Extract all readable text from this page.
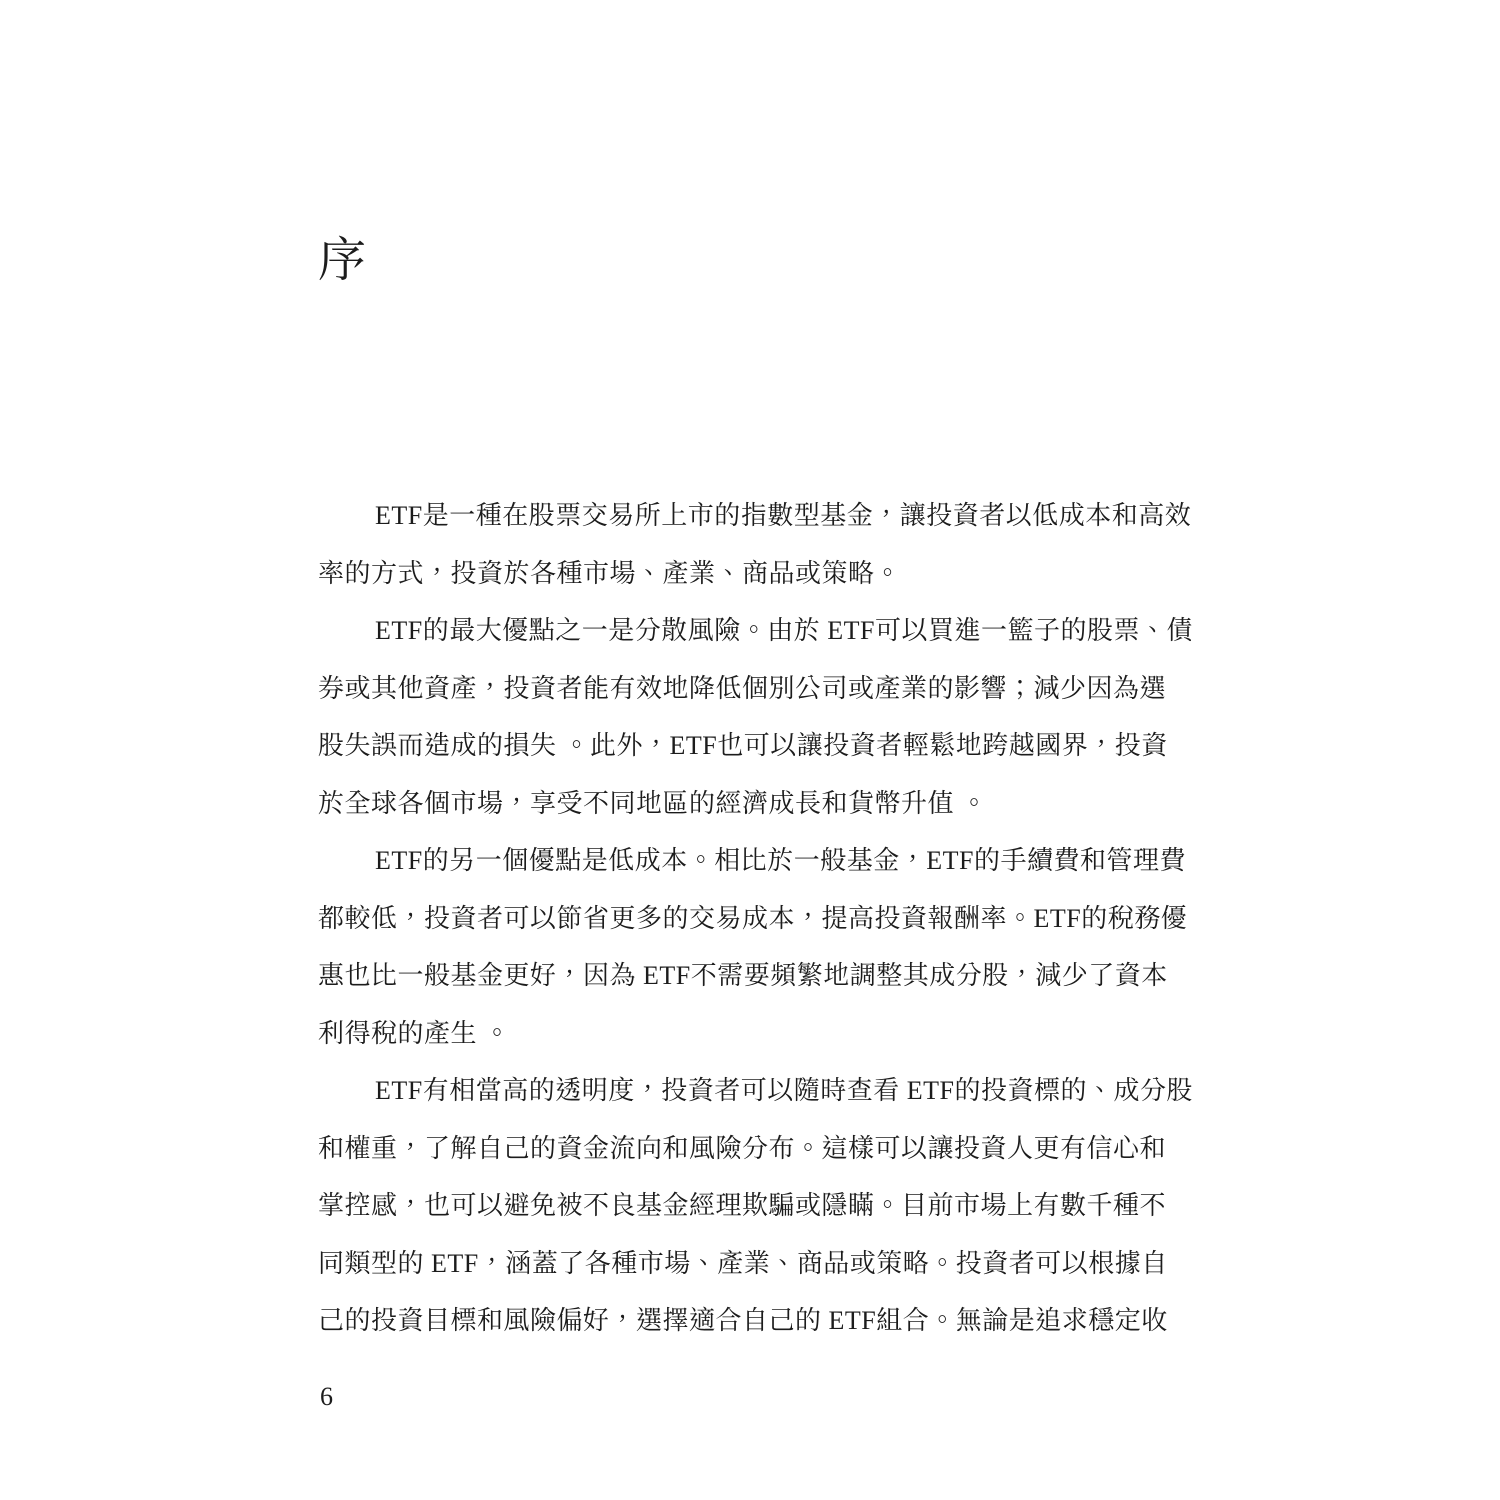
序
ETF是一種在股票交易所上市的指數型基金，讓投資者以低成本和高效
率的方式，投資於各種市場、產業、商品或策略。
ETF的最大優點之一是分散風險。由於 ETF可以買進一籃子的股票、債
券或其他資產，投資者能有效地降低個別公司或產業的影響；減少因為選
股失誤而造成的損失 。此外，ETF也可以讓投資者輕鬆地跨越國界，投資
於全球各個市場，享受不同地區的經濟成長和貨幣升值 。
ETF的另一個優點是低成本。相比於一般基金，ETF的手續費和管理費
都較低，投資者可以節省更多的交易成本，提高投資報酬率。ETF的稅務優
惠也比一般基金更好，因為 ETF不需要頻繁地調整其成分股，減少了資本
利得稅的產生 。
ETF有相當高的透明度，投資者可以隨時查看 ETF的投資標的、成分股
和權重，了解自己的資金流向和風險分布。這樣可以讓投資人更有信心和
掌控感，也可以避免被不良基金經理欺騙或隱瞞。目前市場上有數千種不
同類型的 ETF，涵蓋了各種市場、產業、商品或策略。投資者可以根據自
己的投資目標和風險偏好，選擇適合自己的 ETF組合。無論是追求穩定收
6
